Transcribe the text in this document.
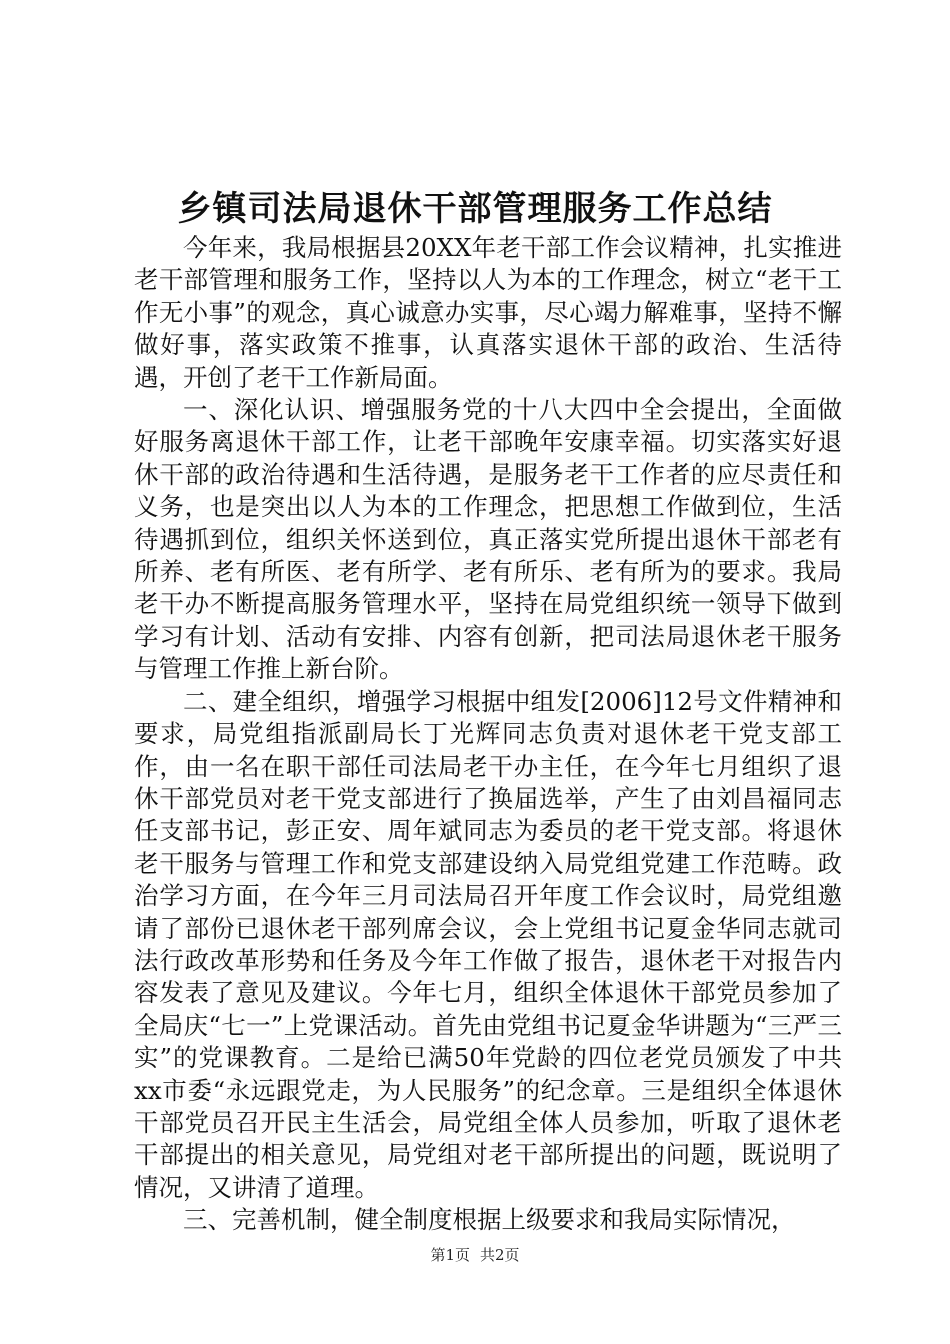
乡镇司法局退休干部管理服务工作总结

今年来，我局根据县20XX年老干部工作会议精神，扎实推进老干部管理和服务工作，坚持以人为本的工作理念，树立“老干工作无小事”的观念，真心诚意办实事，尽心竭力解难事，坚持不懈做好事，落实政策不推事，认真落实退休干部的政治、生活待遇，开创了老干工作新局面。

一、深化认识、增强服务党的十八大四中全会提出，全面做好服务离退休干部工作，让老干部晚年安康幸福。切实落实好退休干部的政治待遇和生活待遇，是服务老干工作者的应尽责任和义务，也是突出以人为本的工作理念，把思想工作做到位，生活待遇抓到位，组织关怀送到位，真正落实党所提出退休干部老有所养、老有所医、老有所学、老有所乐、老有所为的要求。我局老干办不断提高服务管理水平，坚持在局党组织统一领导下做到学习有计划、活动有安排、内容有创新，把司法局退休老干服务与管理工作推上新台阶。

二、建全组织，增强学习根据中组发[2006]12号文件精神和要求，局党组指派副局长丁光辉同志负责对退休老干党支部工作，由一名在职干部任司法局老干办主任，在今年七月组织了退休干部党员对老干党支部进行了换届选举，产生了由刘昌福同志任支部书记，彭正安、周年斌同志为委员的老干党支部。将退休老干服务与管理工作和党支部建设纳入局党组党建工作范畴。政治学习方面，在今年三月司法局召开年度工作会议时，局党组邀请了部份已退休老干部列席会议，会上党组书记夏金华同志就司法行政改革形势和任务及今年工作做了报告，退休老干对报告内容发表了意见及建议。今年七月，组织全体退休干部党员参加了全局庆“七一”上党课活动。首先由党组书记夏金华讲题为“三严三实”的党课教育。二是给已满50年党龄的四位老党员颁发了中共xx市委“永远跟党走，为人民服务”的纪念章。三是组织全体退休干部党员召开民主生活会，局党组全体人员参加，听取了退休老干部提出的相关意见，局党组对老干部所提出的问题，既说明了情况，又讲清了道理。

三、完善机制，健全制度根据上级要求和我局实际情况，

第1页 共2页
